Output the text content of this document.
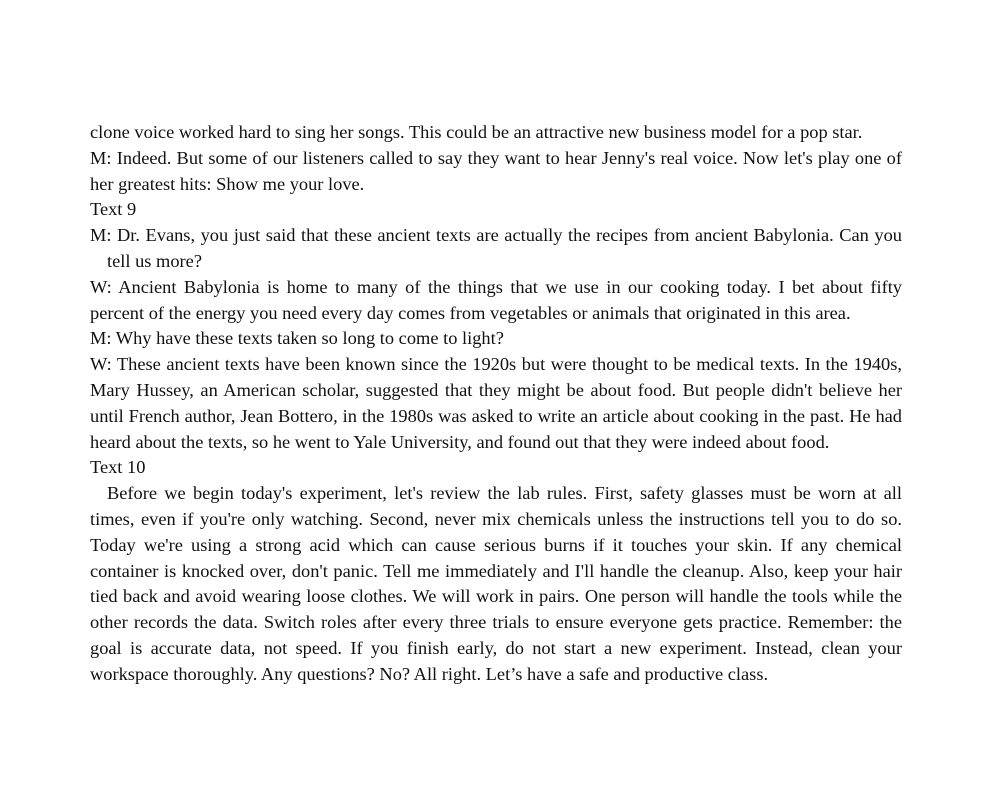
clone voice worked hard to sing her songs. This could be an attractive new business model for a pop star.

M: Indeed. But some of our listeners called to say they want to hear Jenny's real voice. Now let's play one of her greatest hits: Show me your love.

Text 9

M: Dr. Evans, you just said that these ancient texts are actually the recipes from ancient Babylonia. Can you tell us more?

W: Ancient Babylonia is home to many of the things that we use in our cooking today. I bet about fifty percent of the energy you need every day comes from vegetables or animals that originated in this area.

M: Why have these texts taken so long to come to light?

W: These ancient texts have been known since the 1920s but were thought to be medical texts. In the 1940s, Mary Hussey, an American scholar, suggested that they might be about food. But people didn't believe her until French author, Jean Bottero, in the 1980s was asked to write an article about cooking in the past. He had heard about the texts, so he went to Yale University, and found out that they were indeed about food.

Text 10

Before we begin today's experiment, let's review the lab rules. First, safety glasses must be worn at all times, even if you're only watching. Second, never mix chemicals unless the instructions tell you to do so. Today we're using a strong acid which can cause serious burns if it touches your skin. If any chemical container is knocked over, don't panic. Tell me immediately and I'll handle the cleanup. Also, keep your hair tied back and avoid wearing loose clothes. We will work in pairs. One person will handle the tools while the other records the data. Switch roles after every three trials to ensure everyone gets practice. Remember: the goal is accurate data, not speed. If you finish early, do not start a new experiment. Instead, clean your workspace thoroughly. Any questions? No? All right. Let’s have a safe and productive class.
